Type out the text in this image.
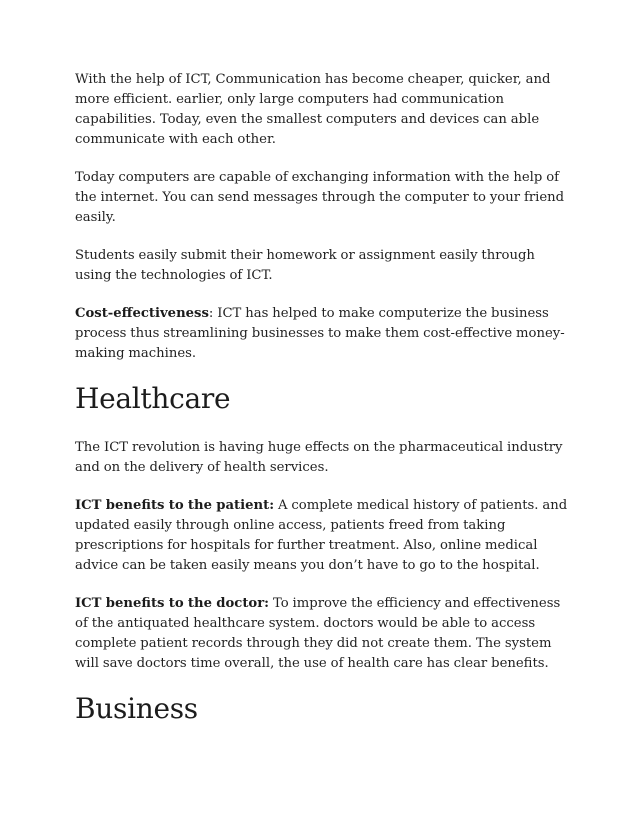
With the help of ICT, Communication has become cheaper, quicker, and more efficient. earlier, only large computers had communication capabilities. Today, even the smallest computers and devices can able communicate with each other.

Today computers are capable of exchanging information with the help of the internet. You can send messages through the computer to your friend easily.

Students easily submit their homework or assignment easily through using the technologies of ICT.

Cost-effectiveness: ICT has helped to make computerize the business process thus streamlining businesses to make them cost-effective money-making machines.

Healthcare

The ICT revolution is having huge effects on the pharmaceutical industry and on the delivery of health services.

ICT benefits to the patient: A complete medical history of patients. and updated easily through online access, patients freed from taking prescriptions for hospitals for further treatment. Also, online medical advice can be taken easily means you don’t have to go to the hospital.

ICT benefits to the doctor: To improve the efficiency and effectiveness of the antiquated healthcare system. doctors would be able to access complete patient records through they did not create them. The system will save doctors time overall, the use of health care has clear benefits.

Business
